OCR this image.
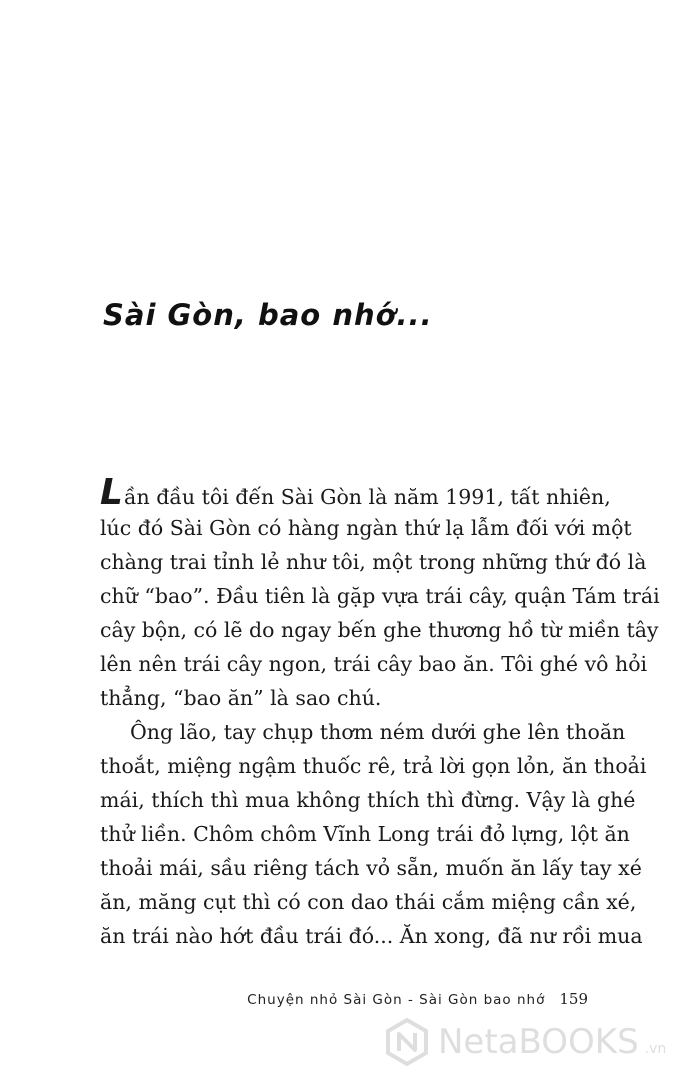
Sài Gòn, bao nhớ...

Lần đầu tôi đến Sài Gòn là năm 1991, tất nhiên,

lúc đó Sài Gòn có hàng ngàn thứ lạ lẫm đối với một

chàng trai tỉnh lẻ như tôi, một trong những thứ đó là

chữ “bao”. Đầu tiên là gặp vựa trái cây, quận Tám trái

cây bộn, có lẽ do ngay bến ghe thương hồ từ miền tây

lên nên trái cây ngon, trái cây bao ăn. Tôi ghé vô hỏi

thẳng, “bao ăn” là sao chú.

Ông lão, tay chụp thơm ném dưới ghe lên thoăn

thoắt, miệng ngậm thuốc rê, trả lời gọn lỏn, ăn thoải

mái, thích thì mua không thích thì đừng. Vậy là ghé

thử liền. Chôm chôm Vĩnh Long trái đỏ lựng, lột ăn

thoải mái, sầu riêng tách vỏ sẵn, muốn ăn lấy tay xé

ăn, măng cụt thì có con dao thái cắm miệng cần xé,

ăn trái nào hớt đầu trái đó... Ăn xong, đã nư rồi mua

Chuyện nhỏ Sài Gòn - Sài Gòn bao nhớ 159
NetaBOOKS .vn
